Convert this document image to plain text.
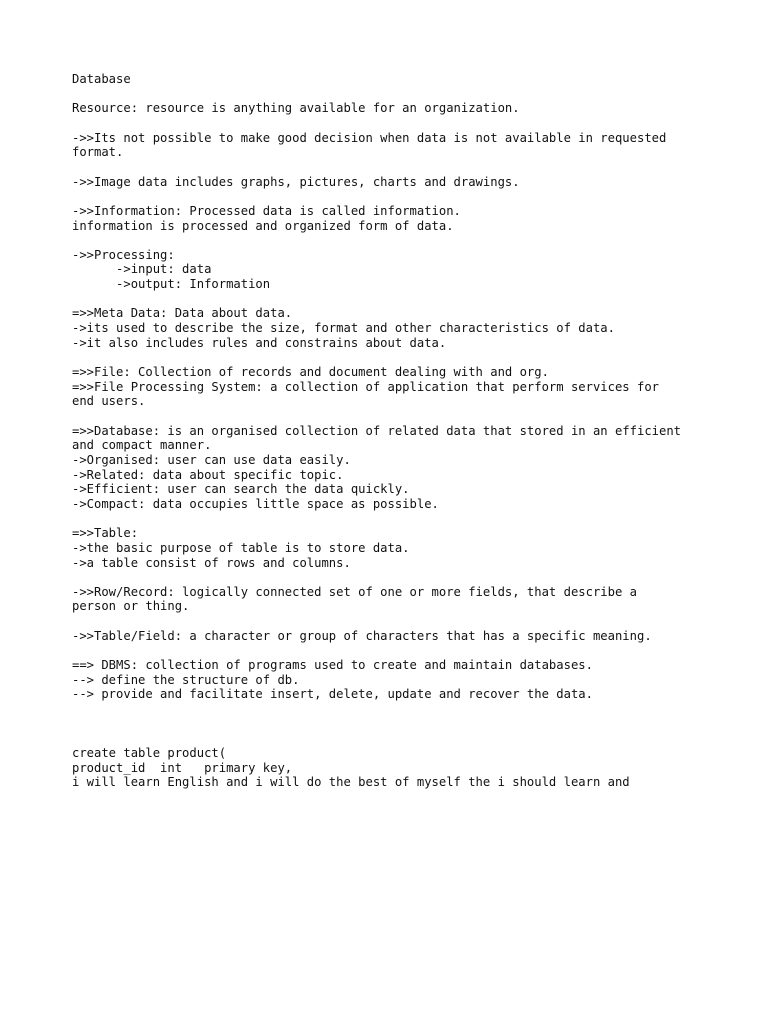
Database
Resource: resource is anything available for an organization.
->>Its not possible to make good decision when data is not available in requested
format.
->>Image data includes graphs, pictures, charts and drawings.
->>Information: Processed data is called information.
information is processed and organized form of data.
->>Processing:
->input: data
->output: Information
=>>Meta Data: Data about data.
->its used to describe the size, format and other characteristics of data.
->it also includes rules and constrains about data.
=>>File: Collection of records and document dealing with and org.
=>>File Processing System: a collection of application that perform services for
end users.
=>>Database: is an organised collection of related data that stored in an efficient
and compact manner.
->Organised: user can use data easily.
->Related: data about specific topic.
->Efficient: user can search the data quickly.
->Compact: data occupies little space as possible.
=>>Table:
->the basic purpose of table is to store data.
->a table consist of rows and columns.
->>Row/Record: logically connected set of one or more fields, that describe a
person or thing.
->>Table/Field: a character or group of characters that has a specific meaning.
==> DBMS: collection of programs used to create and maintain databases.
--> define the structure of db.
--> provide and facilitate insert, delete, update and recover the data.
create table product(
product_id  int   primary key,
i will learn English and i will do the best of myself the i should learn and
